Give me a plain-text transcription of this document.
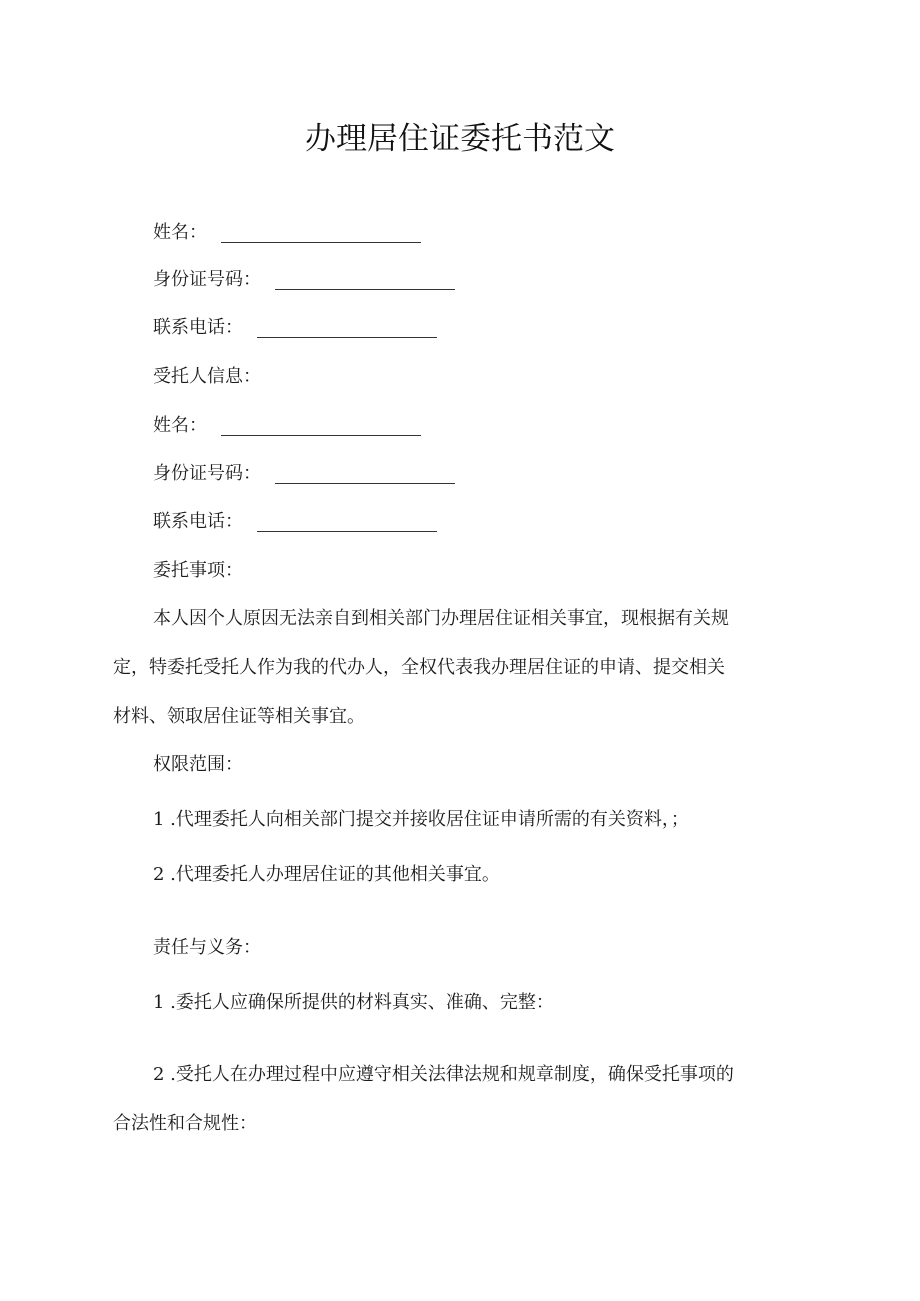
办理居住证委托书范文
姓名：
身份证号码：
联系电话：
受托人信息：
姓名：
身份证号码：
联系电话：
委托事项：
本人因个人原因无法亲自到相关部门办理居住证相关事宜，现根据有关规
定，特委托受托人作为我的代办人，全权代表我办理居住证的申请、提交相关
材料、领取居住证等相关事宜。
权限范围：
1 .代理委托人向相关部门提交并接收居住证申请所需的有关资料，；
2 .代理委托人办理居住证的其他相关事宜。
责任与义务：
1 .委托人应确保所提供的材料真实、准确、完整：
2 .受托人在办理过程中应遵守相关法律法规和规章制度，确保受托事项的
合法性和合规性：
